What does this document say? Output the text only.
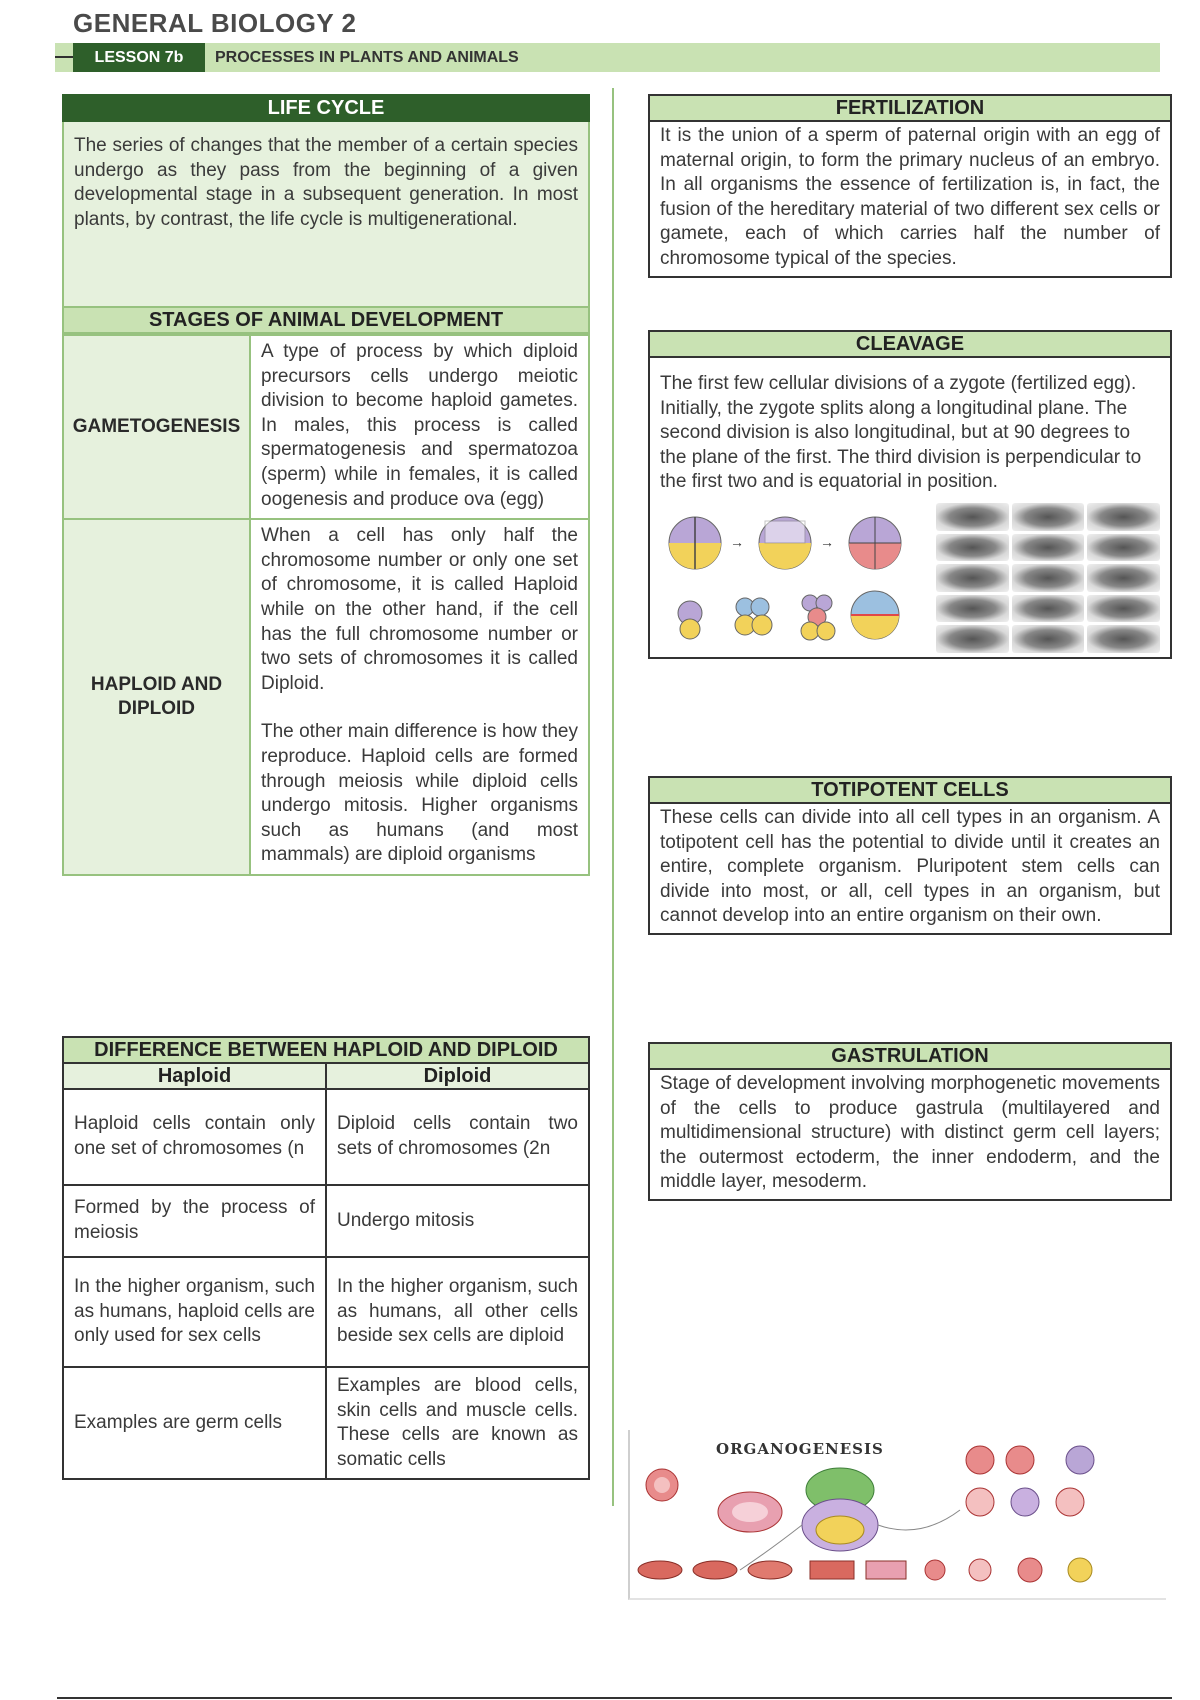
GENERAL BIOLOGY 2
LESSON 7b	PROCESSES IN PLANTS AND ANIMALS
LIFE CYCLE

The series of changes that the member of a certain species undergo as they pass from the beginning of a given developmental stage in a subsequent generation. In most plants, by contrast, the life cycle is multigenerational.

STAGES OF ANIMAL DEVELOPMENT
GAMETOGENESIS	A type of process by which diploid precursors cells undergo meiotic division to become haploid gametes. In males, this process is called spermatogenesis and spermatozoa (sperm) while in females, it is called oogenesis and produce ova (egg)

HAPLOID AND DIPLOID	When a cell has only half the chromosome number or only one set of chromosome, it is called Haploid while on the other hand, if the cell has the full chromosome number or two sets of chromosomes it is called Diploid.

The other main difference is how they reproduce. Haploid cells are formed through meiosis while diploid cells undergo mitosis. Higher organisms such as humans (and most mammals) are diploid organisms

DIFFERENCE BETWEEN HAPLOID AND DIPLOID	
Haploid	Diploid
Haploid cells contain only one set of chromosomes (n	Diploid cells contain two sets of chromosomes (2n
Formed by the process of meiosis	Undergo mitosis
In the higher organism, such as humans, haploid cells are only used for sex cells	In the higher organism, such as humans, all other cells beside sex cells are diploid
Examples are germ cells	Examples are blood cells, skin cells and muscle cells. These cells are known as somatic cells
FERTILIZATION

It is the union of a sperm of paternal origin with an egg of maternal origin, to form the primary nucleus of an embryo. In all organisms the essence of fertilization is, in fact, the fusion of the hereditary material of two different sex cells or gamete, each of which carries half the number of chromosome typical of the species.

CLEAVAGE

The first few cellular divisions of a zygote (fertilized egg). Initially, the zygote splits along a longitudinal plane. The second division is also longitudinal, but at 90 degrees to the plane of the first. The third division is perpendicular to the first two and is equatorial in position.

→	→
TOTIPOTENT CELLS

These cells can divide into all cell types in an organism. A totipotent cell has the potential to divide until it creates an entire, complete organism. Pluripotent stem cells can divide into most, or all, cell types in an organism, but cannot develop into an entire organism on their own.

GASTRULATION

Stage of development involving morphogenetic movements of the cells to produce gastrula (multilayered and multidimensional structure) with distinct germ cell layers; the outermost ectoderm, the inner endoderm, and the middle layer, mesoderm.

ORGANOGENESIS
